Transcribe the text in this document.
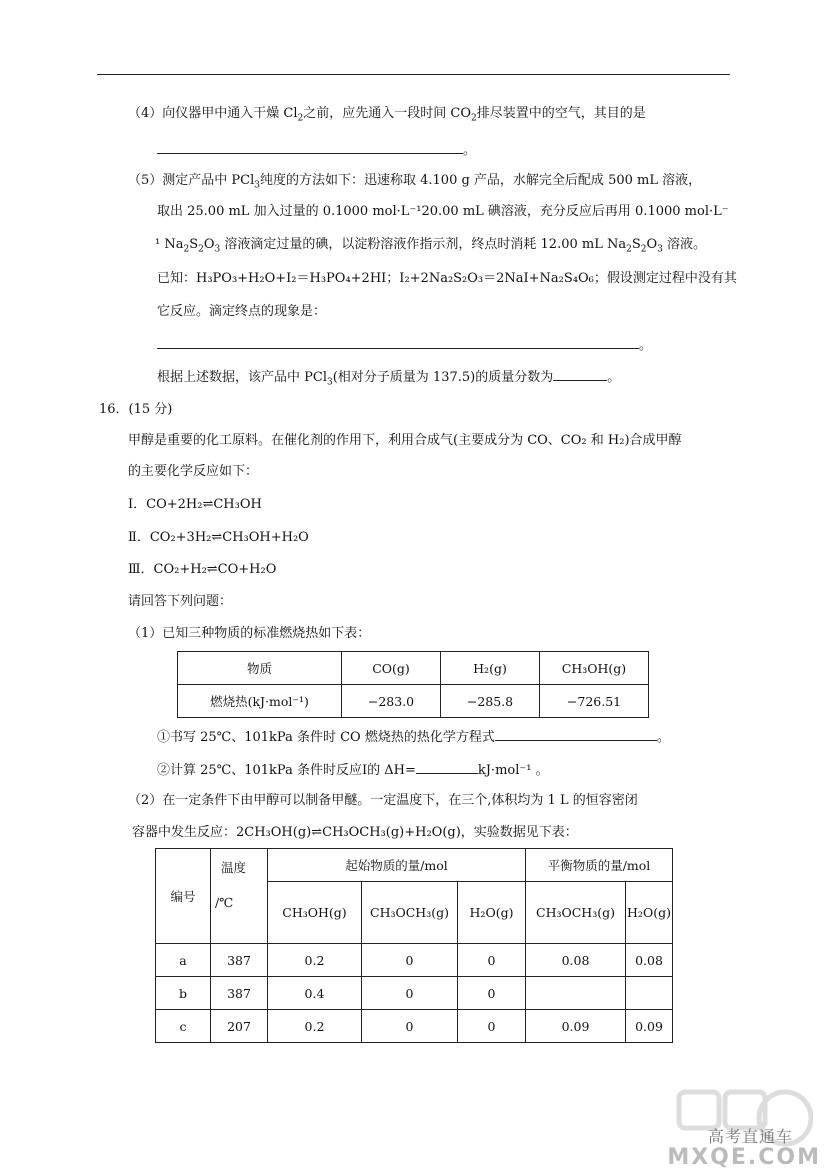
（4）向仪器甲中通入干燥 $Cl_2$之前，应先通入一段时间 $CO_2$排尽装置中的空气，其目的是
。
（5）测定产品中 PCl$_3$纯度的方法如下：迅速称取 4.100 g 产品，水解完全后配成 500 mL 溶液，
取出 25.00 mL 加入过量的 0.1000 mol·L⁻¹20.00 mL 碘溶液，充分反应后再用 0.1000 mol·L⁻
¹ $Na_2S_2O_3$ 溶液滴定过量的碘，以淀粉溶液作指示剂，终点时消耗 12.00 mL $Na_2S_2O_3$ 溶液。
已知：H₃PO₃+H₂O+I₂＝H₃PO₄+2HI；I₂+2Na₂S₂O₃＝2NaI+Na₂S₄O₆；假设测定过程中没有其
它反应。滴定终点的现象是：
。
根据上述数据，该产品中 PCl$_3$(相对分子质量为 137.5)的质量分数为	。
16．(15 分)
甲醇是重要的化工原料。在催化剂的作用下，利用合成气(主要成分为 CO、CO₂ 和 H₂)合成甲醇
的主要化学反应如下：
Ⅰ．CO+2H₂⇌CH₃OH
Ⅱ．CO₂+3H₂⇌CH₃OH+H₂O
Ⅲ．CO₂+H₂⇌CO+H₂O
请回答下列问题：
（1）已知三种物质的标准燃烧热如下表：
物质	CO(g)	H₂(g)	CH₃OH(g)
燃烧热(kJ·mol⁻¹)	−283.0	−285.8	−726.51
①书写 25℃、101kPa 条件时 CO 燃烧热的热化学方程式	。
②计算 25℃、101kPa 条件时反应Ⅰ的 ΔH=	kJ·mol⁻¹ 。
（2）在一定条件下由甲醇可以制备甲醚。一定温度下，在三个,体积均为 1 L 的恒容密闭
容器中发生反应：2CH₃OH(g)⇌CH₃OCH₃(g)+H₂O(g)，实验数据见下表：
编号	温度
/℃	起始物质的量/mol			平衡物质的量/mol	
		CH₃OH(g)	CH₃OCH₃(g)	H₂O(g)	CH₃OCH₃(g)	H₂O(g)
a	387	0.2	0	0	0.08	0.08
b	387	0.4	0	0		
c	207	0.2	0	0	0.09	0.09
高考直通车
MXQE.COM
